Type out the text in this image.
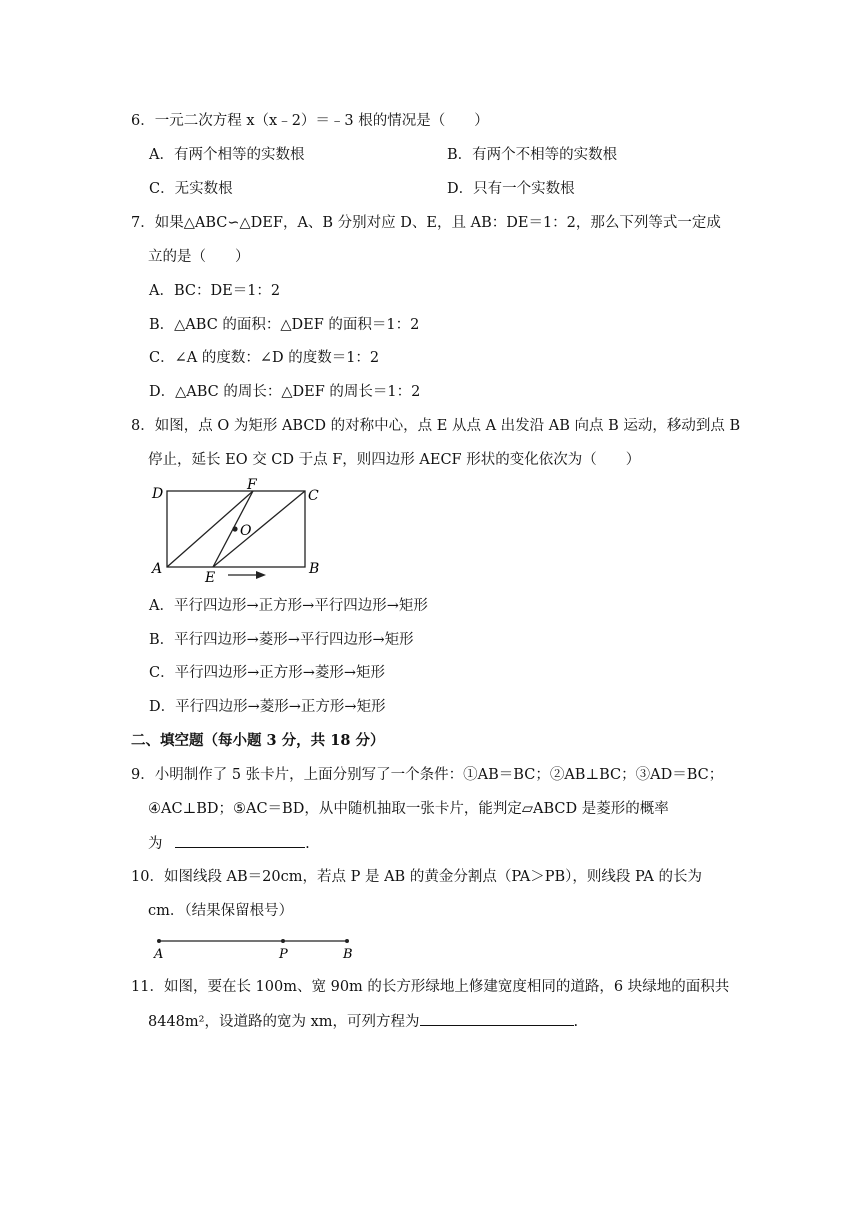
6．一元二次方程 x（x﹣2）＝﹣3 根的情况是（　　）
A．有两个相等的实数根	B．有两个不相等的实数根
C．无实数根	D．只有一个实数根
7．如果△ABC∽△DEF，A、B 分别对应 D、E，且 AB：DE＝1：2，那么下列等式一定成
立的是（　　）
A．BC：DE＝1：2
B．△ABC 的面积：△DEF 的面积＝1：2
C．∠A 的度数：∠D 的度数＝1：2
D．△ABC 的周长：△DEF 的周长＝1：2
8．如图，点 O 为矩形 ABCD 的对称中心，点 E 从点 A 出发沿 AB 向点 B 运动，移动到点 B
停止，延长 EO 交 CD 于点 F，则四边形 AECF 形状的变化依次为（　　）
D
F
C
O
A
E
B
A．平行四边形→正方形→平行四边形→矩形
B．平行四边形→菱形→平行四边形→矩形
C．平行四边形→正方形→菱形→矩形
D．平行四边形→菱形→正方形→矩形
二、填空题（每小题 3 分，共 18 分）
9．小明制作了 5 张卡片，上面分别写了一个条件：①AB＝BC；②AB⊥BC；③AD＝BC；
④AC⊥BD；⑤AC＝BD，从中随机抽取一张卡片，能判定▱ABCD 是菱形的概率
为	.
10．如图线段 AB＝20cm，若点 P 是 AB 的黄金分割点（PA＞PB），则线段 PA 的长为
cm．（结果保留根号）
A	P	B
11．如图，要在长 100m、宽 90m 的长方形绿地上修建宽度相同的道路，6 块绿地的面积共
8448m²，设道路的宽为 xm，可列方程为	.
